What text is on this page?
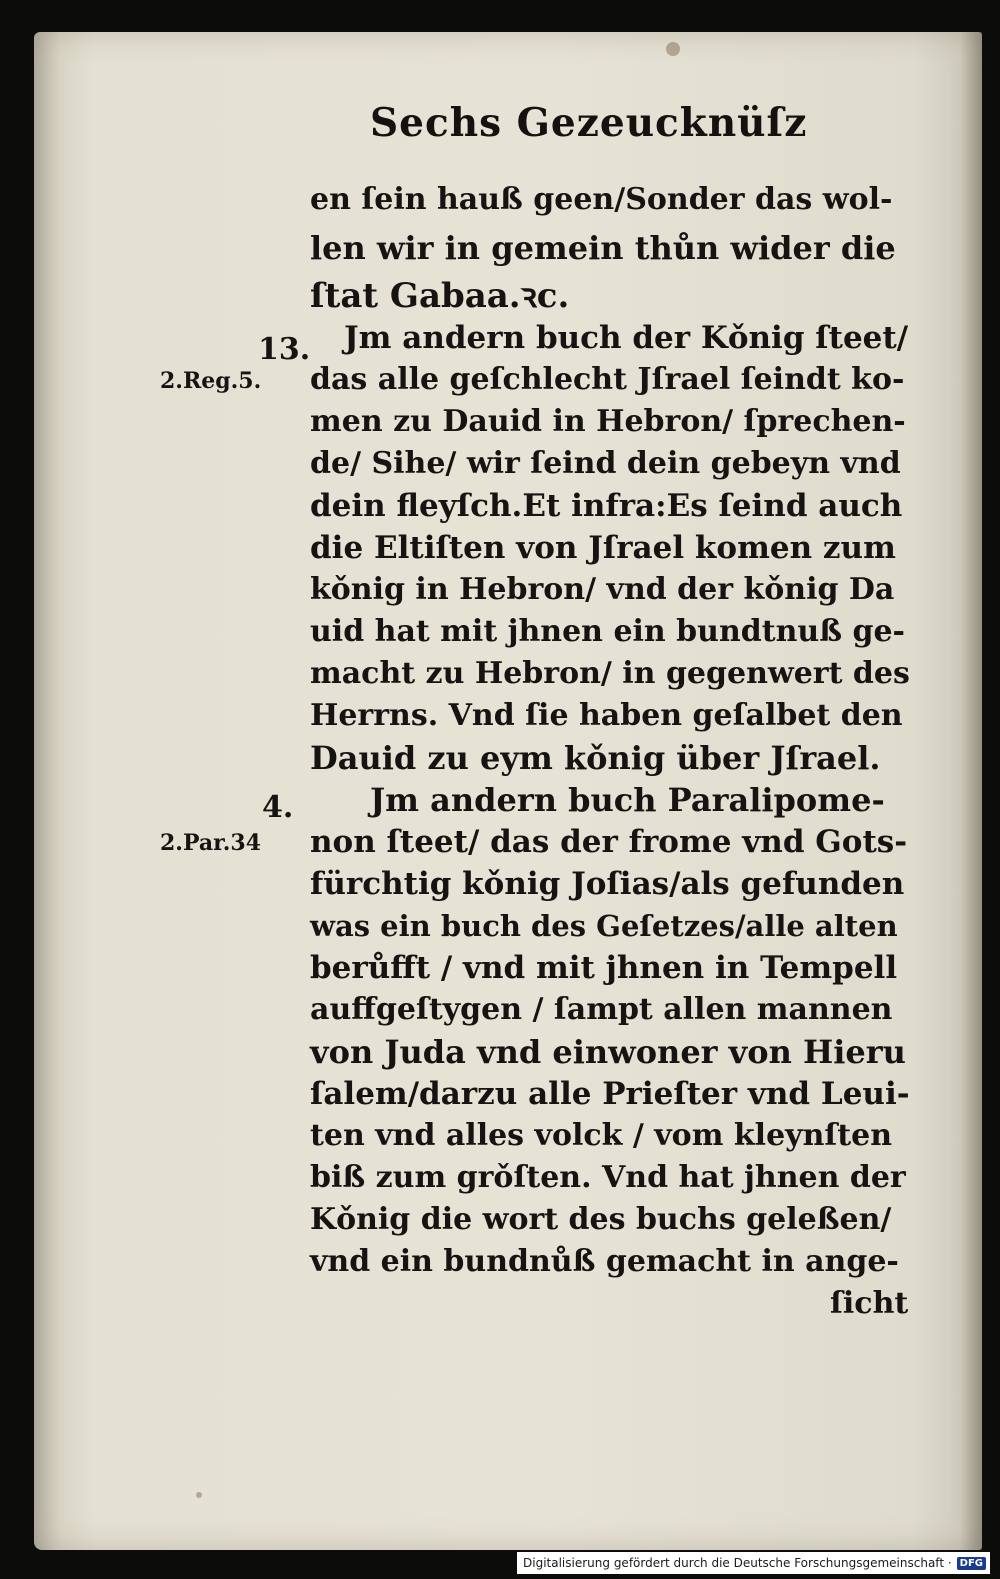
Sechs Gezeucknüſz
13.
2.Reg.5.
4.
2.Par.34
en ſein hauß geen/Sonder das wol-
len wir in gemein thůn wider die
ſtat Gabaa.ꝛc.
Jm andern buch der Kǒnig ſteet/
das alle geſchlecht Jſrael ſeindt ko-
men zu Dauid in Hebron/ ſprechen-
de/ Sihe/ wir ſeind dein gebeyn vnd
dein fleyſch.Et infra:Es ſeind auch
die Eltiſten von Jſrael komen zum
kǒnig in Hebron/ vnd der kǒnig Da
uid hat mit jhnen ein bundtnuß ge-
macht zu Hebron/ in gegenwert des
Herrns. Vnd ſie haben geſalbet den
Dauid zu eym kǒnig über Jſrael.
Jm andern buch Paralipome-
non ſteet/ das der frome vnd Gots-
fürchtig kǒnig Joſias/als gefunden
was ein buch des Geſetzes/alle alten
berůfft / vnd mit jhnen in Tempell
auffgeſtygen / ſampt allen mannen
von Juda vnd einwoner von Hieru
ſalem/darzu alle Prieſter vnd Leui-
ten vnd alles volck / vom kleynſten
biß zum grǒſten. Vnd hat jhnen der
Kǒnig die wort des buchs geleßen/
vnd ein bundnůß gemacht in ange-
ſicht
Digitalisierung gefördert durch die Deutsche Forschungsgemeinschaft · DFG
